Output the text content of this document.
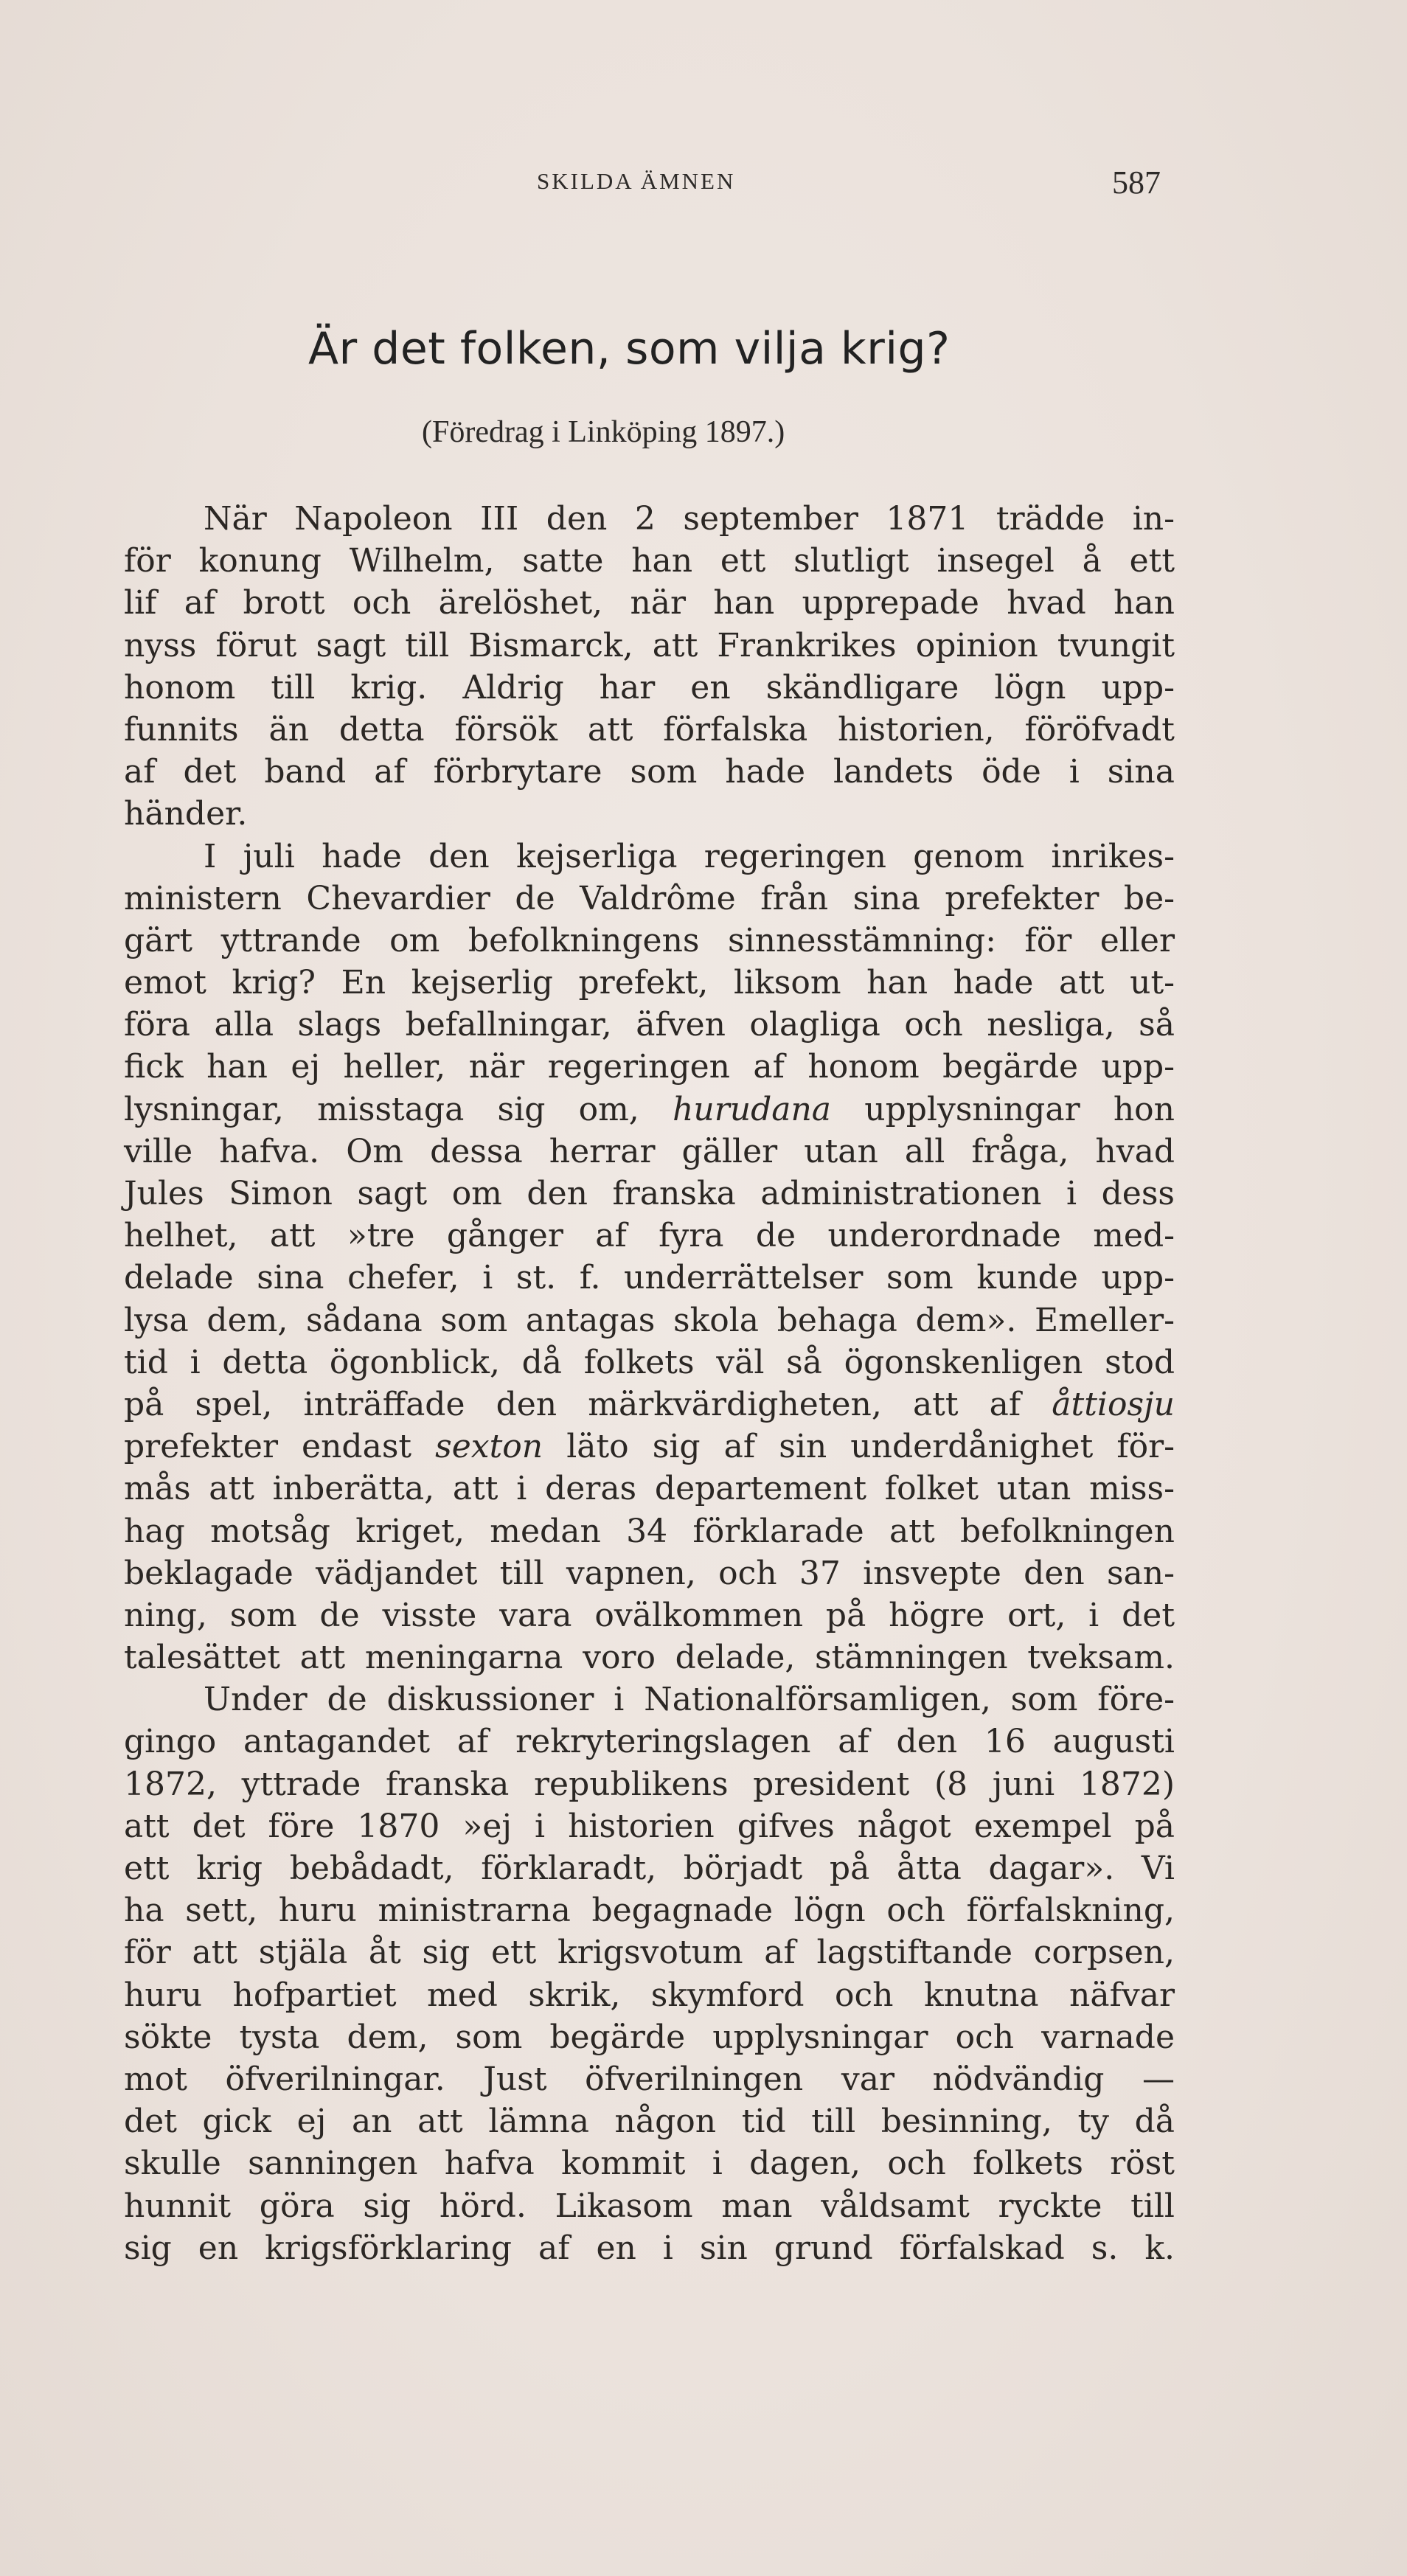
SKILDA ÄMNEN	587
Är det folken, som vilja krig?
(Föredrag i Linköping 1897.)
När Napoleon III den 2 september 1871 trädde in-
för konung Wilhelm, satte han ett slutligt insegel å ett
lif af brott och ärelöshet, när han upprepade hvad han
nyss förut sagt till Bismarck, att Frankrikes opinion tvungit
honom till krig. Aldrig har en skändligare lögn upp-
funnits än detta försök att förfalska historien, föröfvadt
af det band af förbrytare som hade landets öde i sina
händer.
I juli hade den kejserliga regeringen genom inrikes-
ministern Chevardier de Valdrôme från sina prefekter be-
gärt yttrande om befolkningens sinnesstämning: för eller
emot krig? En kejserlig prefekt, liksom han hade att ut-
föra alla slags befallningar, äfven olagliga och nesliga, så
fick han ej heller, när regeringen af honom begärde upp-
lysningar, misstaga sig om, hurudana upplysningar hon
ville hafva. Om dessa herrar gäller utan all fråga, hvad
Jules Simon sagt om den franska administrationen i dess
helhet, att »tre gånger af fyra de underordnade med-
delade sina chefer, i st. f. underrättelser som kunde upp-
lysa dem, sådana som antagas skola behaga dem». Emeller-
tid i detta ögonblick, då folkets väl så ögonskenligen stod
på spel, inträffade den märkvärdigheten, att af åttiosju
prefekter endast sexton läto sig af sin underdånighet för-
mås att inberätta, att i deras departement folket utan miss-
hag motsåg kriget, medan 34 förklarade att befolkningen
beklagade vädjandet till vapnen, och 37 insvepte den san-
ning, som de visste vara ovälkommen på högre ort, i det
talesättet att meningarna voro delade, stämningen tveksam.
Under de diskussioner i Nationalförsamligen, som före-
gingo antagandet af rekryteringslagen af den 16 augusti
1872, yttrade franska republikens president (8 juni 1872)
att det före 1870 »ej i historien gifves något exempel på
ett krig bebådadt, förklaradt, börjadt på åtta dagar». Vi
ha sett, huru ministrarna begagnade lögn och förfalskning,
för att stjäla åt sig ett krigsvotum af lagstiftande corpsen,
huru hofpartiet med skrik, skymford och knutna näfvar
sökte tysta dem, som begärde upplysningar och varnade
mot öfverilningar. Just öfverilningen var nödvändig —
det gick ej an att lämna någon tid till besinning, ty då
skulle sanningen hafva kommit i dagen, och folkets röst
hunnit göra sig hörd. Likasom man våldsamt ryckte till
sig en krigsförklaring af en i sin grund förfalskad s. k.
